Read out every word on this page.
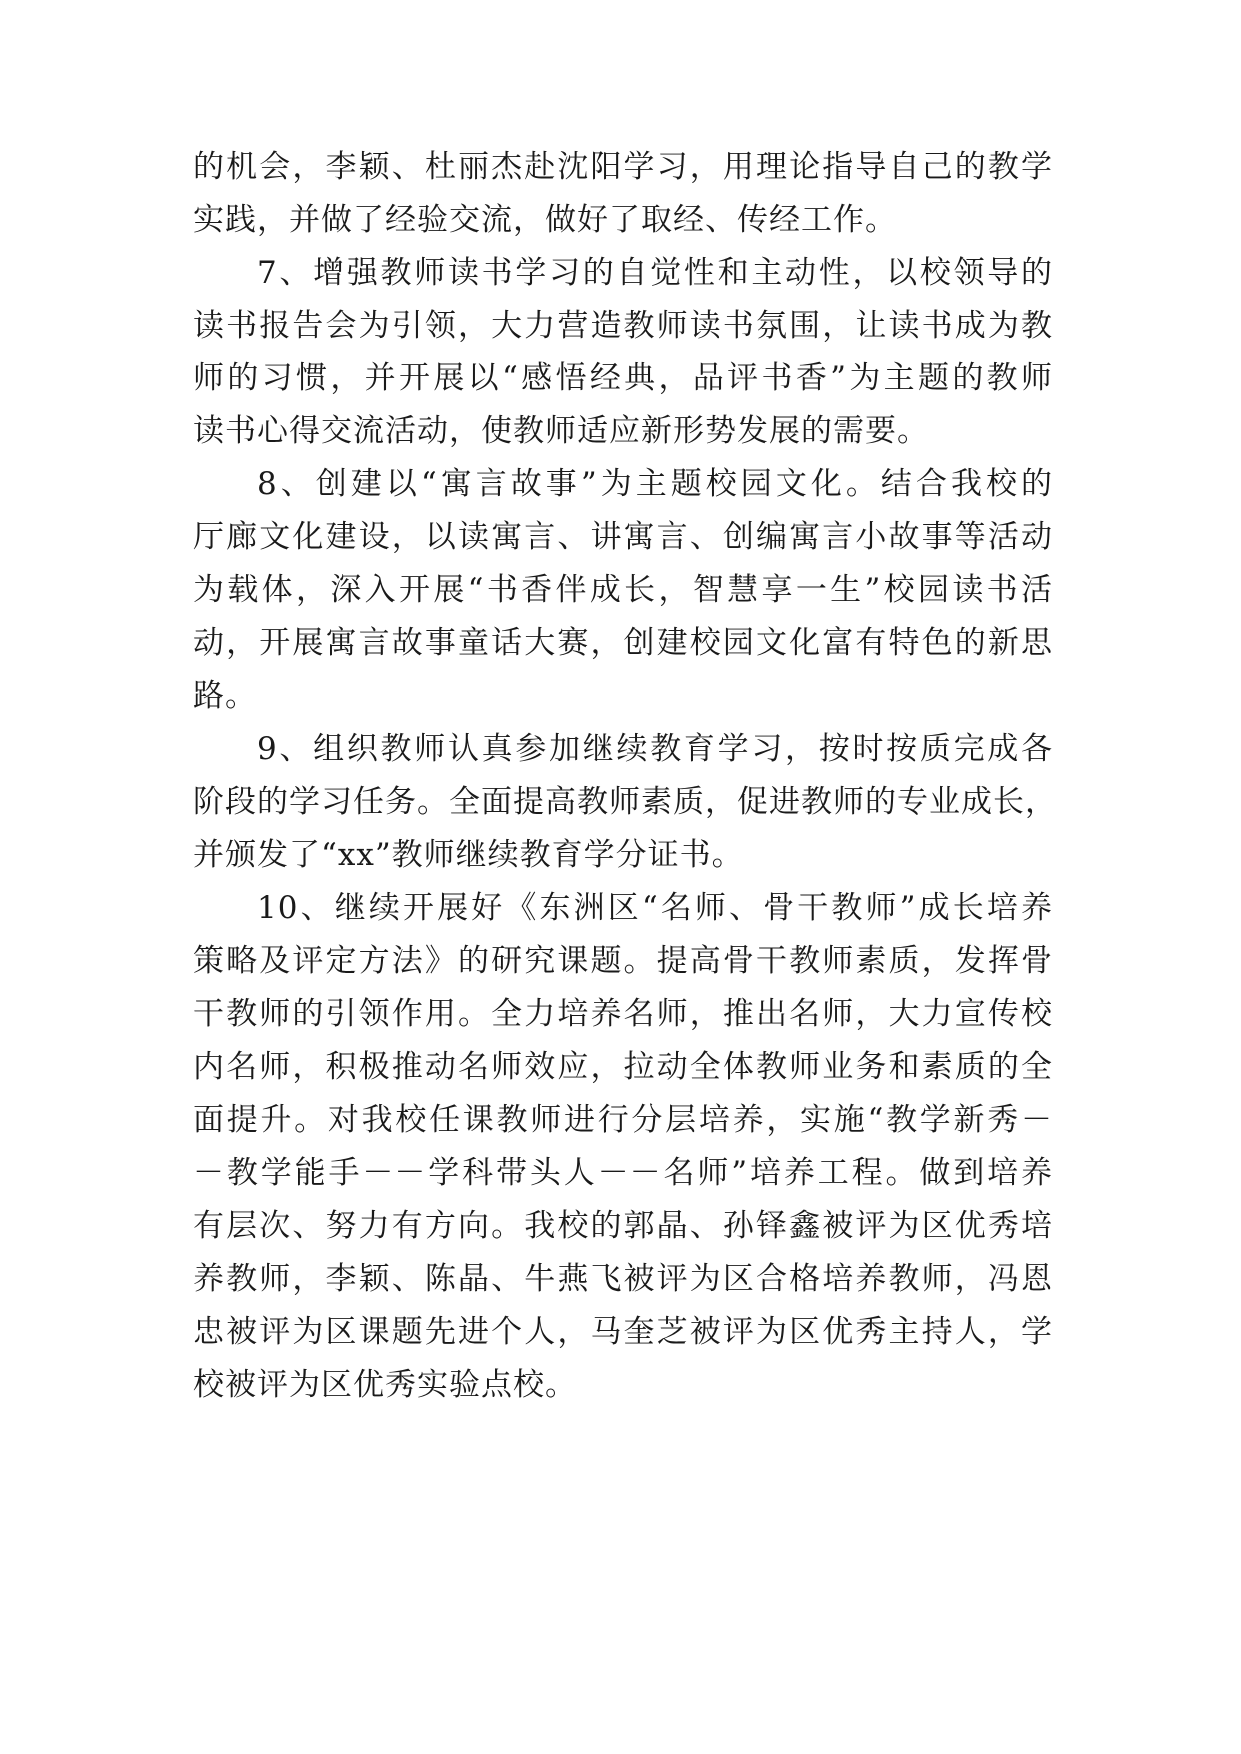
的机会，李颖、杜丽杰赴沈阳学习，用理论指导自己的教学
实践，并做了经验交流，做好了取经、传经工作。
7、增强教师读书学习的自觉性和主动性，以校领导的
读书报告会为引领，大力营造教师读书氛围，让读书成为教
师的习惯，并开展以“感悟经典，品评书香”为主题的教师
读书心得交流活动，使教师适应新形势发展的需要。
8、创建以“寓言故事”为主题校园文化。结合我校的
厅廊文化建设，以读寓言、讲寓言、创编寓言小故事等活动
为载体，深入开展“书香伴成长，智慧享一生”校园读书活
动，开展寓言故事童话大赛，创建校园文化富有特色的新思
路。
9、组织教师认真参加继续教育学习，按时按质完成各
阶段的学习任务。全面提高教师素质，促进教师的专业成长，
并颁发了“xx”教师继续教育学分证书。
10、继续开展好《东洲区“名师、骨干教师”成长培养
策略及评定方法》的研究课题。提高骨干教师素质，发挥骨
干教师的引领作用。全力培养名师，推出名师，大力宣传校
内名师，积极推动名师效应，拉动全体教师业务和素质的全
面提升。对我校任课教师进行分层培养，实施“教学新秀－
－教学能手－－学科带头人－－名师”培养工程。做到培养
有层次、努力有方向。我校的郭晶、孙铎鑫被评为区优秀培
养教师，李颖、陈晶、牛燕飞被评为区合格培养教师，冯恩
忠被评为区课题先进个人，马奎芝被评为区优秀主持人，学
校被评为区优秀实验点校。
